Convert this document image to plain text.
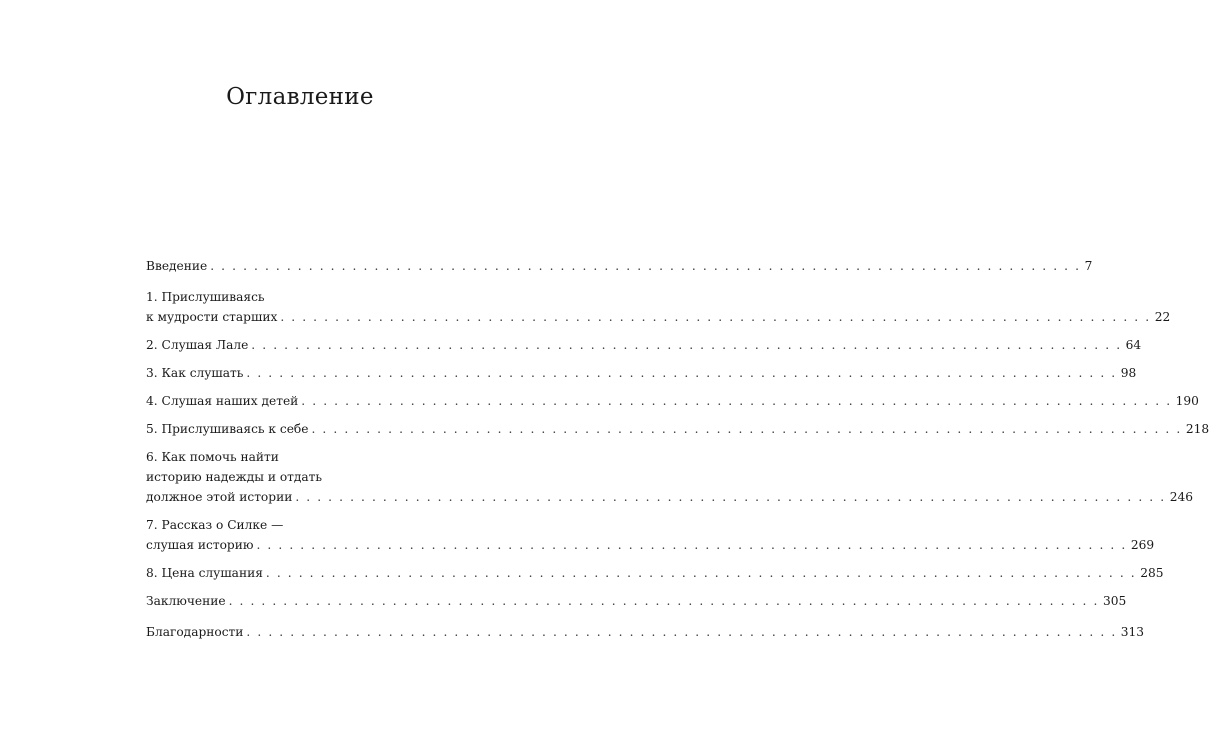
Оглавление
Введение . . . . . . . . . . . . . . . . . . . . . . . . . . . . . . . . . . . . . . . . . . . . . . . . . . . . . . . . . . . . . . . . . . . . . . . . . . . . . . . . 7
1. Прислушиваясь
к мудрости старших . . . . . . . . . . . . . . . . . . . . . . . . . . . . . . . . . . . . . . . . . . . . . . . . . . . . . . . . . . . . . . . . . . . . . . . . . . . . . . . . 22
2. Слушая Лале . . . . . . . . . . . . . . . . . . . . . . . . . . . . . . . . . . . . . . . . . . . . . . . . . . . . . . . . . . . . . . . . . . . . . . . . . . . . . . . . 64
3. Как слушать . . . . . . . . . . . . . . . . . . . . . . . . . . . . . . . . . . . . . . . . . . . . . . . . . . . . . . . . . . . . . . . . . . . . . . . . . . . . . . . . 98
4. Слушая наших детей . . . . . . . . . . . . . . . . . . . . . . . . . . . . . . . . . . . . . . . . . . . . . . . . . . . . . . . . . . . . . . . . . . . . . . . . . . . . . . . . 190
5. Прислушиваясь к себе . . . . . . . . . . . . . . . . . . . . . . . . . . . . . . . . . . . . . . . . . . . . . . . . . . . . . . . . . . . . . . . . . . . . . . . . . . . . . . . . 218
6. Как помочь найти
историю надежды и отдать
должное этой истории . . . . . . . . . . . . . . . . . . . . . . . . . . . . . . . . . . . . . . . . . . . . . . . . . . . . . . . . . . . . . . . . . . . . . . . . . . . . . . . . 246
7. Рассказ о Силке —
слушая историю . . . . . . . . . . . . . . . . . . . . . . . . . . . . . . . . . . . . . . . . . . . . . . . . . . . . . . . . . . . . . . . . . . . . . . . . . . . . . . . . 269
8. Цена слушания . . . . . . . . . . . . . . . . . . . . . . . . . . . . . . . . . . . . . . . . . . . . . . . . . . . . . . . . . . . . . . . . . . . . . . . . . . . . . . . . 285
Заключение . . . . . . . . . . . . . . . . . . . . . . . . . . . . . . . . . . . . . . . . . . . . . . . . . . . . . . . . . . . . . . . . . . . . . . . . . . . . . . . . 305
Благодарности . . . . . . . . . . . . . . . . . . . . . . . . . . . . . . . . . . . . . . . . . . . . . . . . . . . . . . . . . . . . . . . . . . . . . . . . . . . . . . . . 313
